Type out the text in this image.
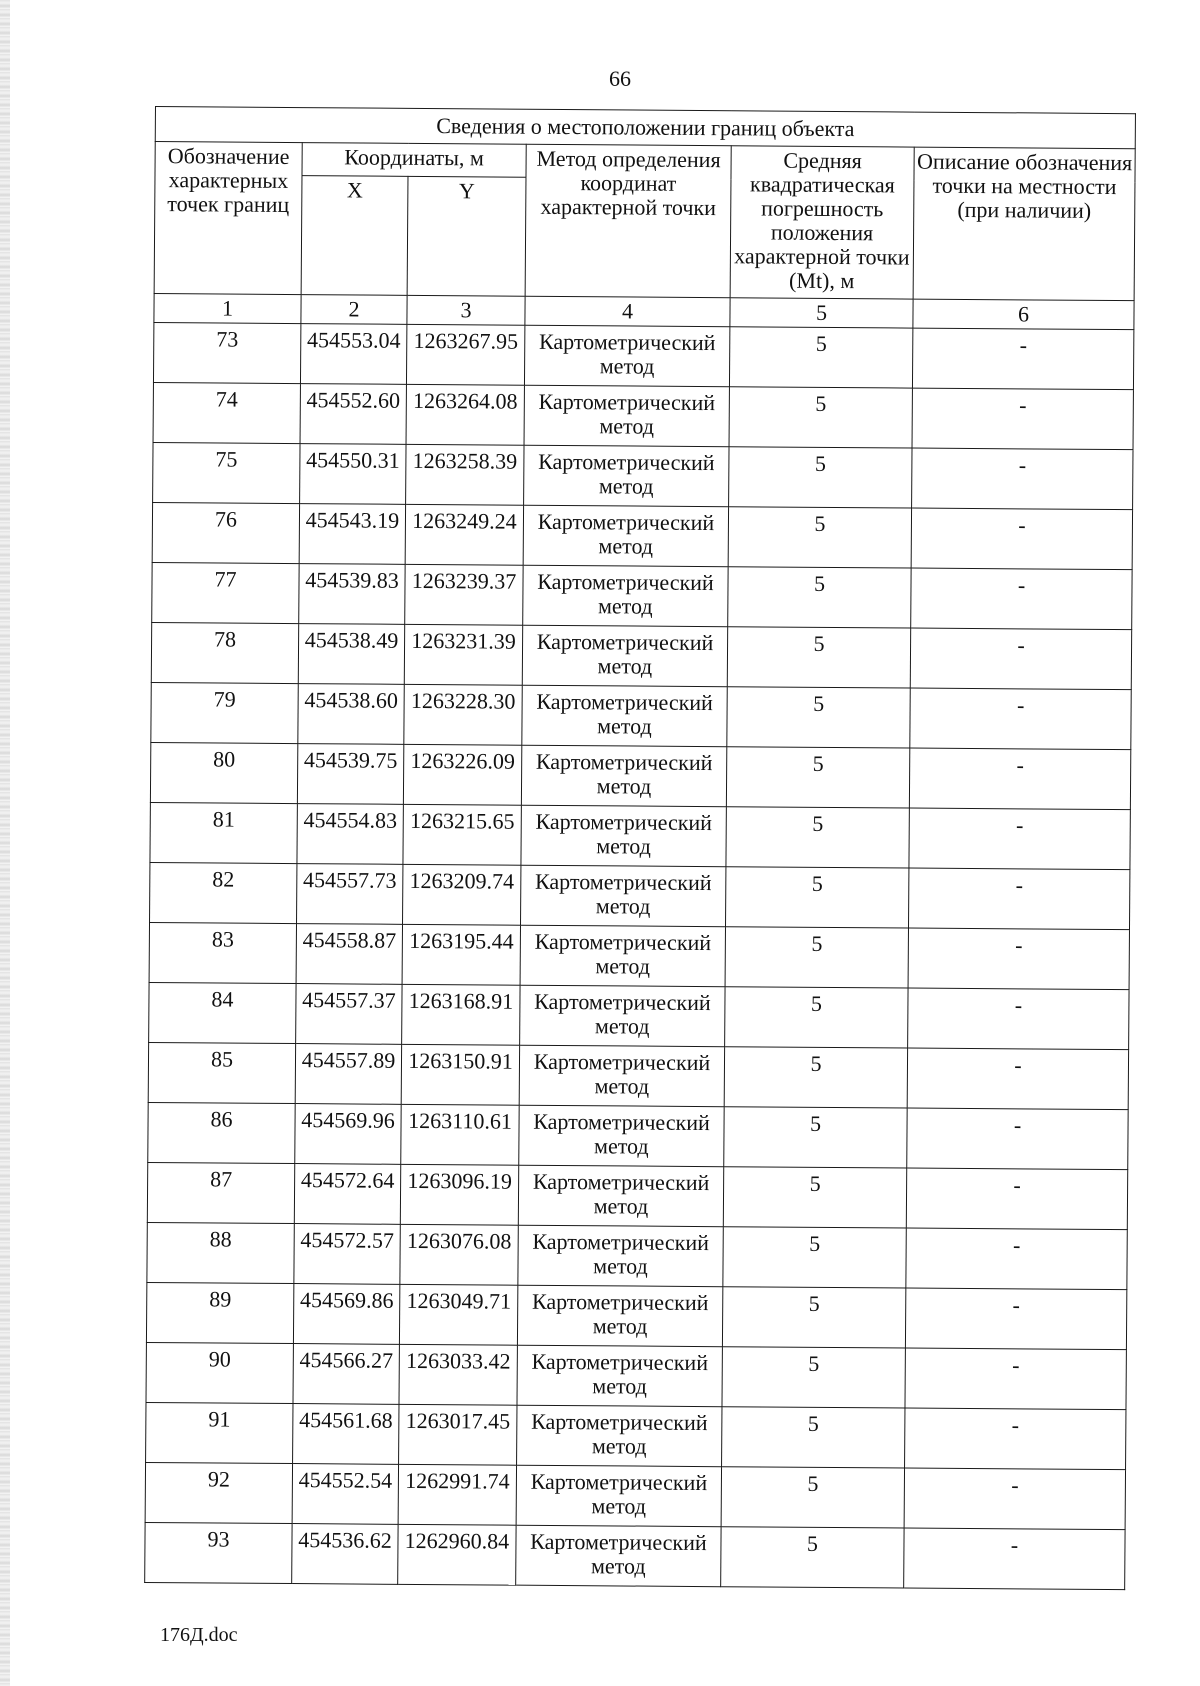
66
Сведения о местоположении границ объекта					
Обозначение характерных точек границ	Координаты, м		Метод определения координат характерной точки	Средняя квадратическая погрешность положения характерной точки (Mt), м	Описание обозначения точки на местности (при наличии)
	X	Y			
1	2	3	4	5	6
73	454553.04	1263267.95	Картометрический метод	5	-
74	454552.60	1263264.08	Картометрический метод	5	-
75	454550.31	1263258.39	Картометрический метод	5	-
76	454543.19	1263249.24	Картометрический метод	5	-
77	454539.83	1263239.37	Картометрический метод	5	-
78	454538.49	1263231.39	Картометрический метод	5	-
79	454538.60	1263228.30	Картометрический метод	5	-
80	454539.75	1263226.09	Картометрический метод	5	-
81	454554.83	1263215.65	Картометрический метод	5	-
82	454557.73	1263209.74	Картометрический метод	5	-
83	454558.87	1263195.44	Картометрический метод	5	-
84	454557.37	1263168.91	Картометрический метод	5	-
85	454557.89	1263150.91	Картометрический метод	5	-
86	454569.96	1263110.61	Картометрический метод	5	-
87	454572.64	1263096.19	Картометрический метод	5	-
88	454572.57	1263076.08	Картометрический метод	5	-
89	454569.86	1263049.71	Картометрический метод	5	-
90	454566.27	1263033.42	Картометрический метод	5	-
91	454561.68	1263017.45	Картометрический метод	5	-
92	454552.54	1262991.74	Картометрический метод	5	-
93	454536.62	1262960.84	Картометрический метод	5	-
176Д.doc
